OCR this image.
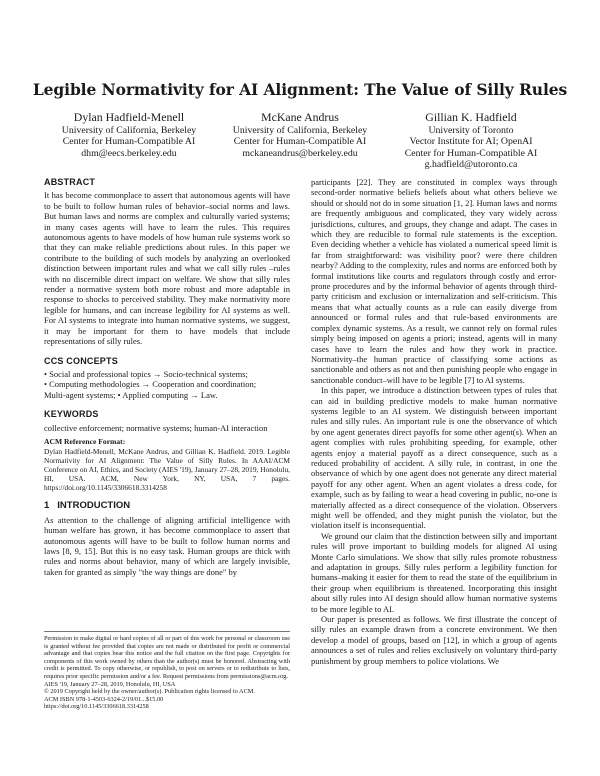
Legible Normativity for AI Alignment: The Value of Silly Rules
Dylan Hadfield-Menell
University of California, Berkeley
Center for Human-Compatible AI
dhm@eecs.berkeley.edu
McKane Andrus
University of California, Berkeley
Center for Human-Compatible AI
mckaneandrus@berkeley.edu
Gillian K. Hadfield
University of Toronto
Vector Institute for AI; OpenAI
Center for Human-Compatible AI
g.hadfield@utoronto.ca
ABSTRACT

It has become commonplace to assert that autonomous agents will have to be built to follow human rules of behavior–social norms and laws. But human laws and norms are complex and culturally varied systems; in many cases agents will have to learn the rules. This requires autonomous agents to have models of how human rule systems work so that they can make reliable predictions about rules. In this paper we contribute to the building of such models by analyzing an overlooked distinction between important rules and what we call silly rules –rules with no discernible direct impact on welfare. We show that silly rules render a normative system both more robust and more adaptable in response to shocks to perceived stability. They make normativity more legible for humans, and can increase legibility for AI systems as well. For AI systems to integrate into human normative systems, we suggest, it may be important for them to have models that include representations of silly rules.

CCS CONCEPTS

• Social and professional topics → Socio-technical systems;

• Computing methodologies → Cooperation and coordination;

Multi-agent systems; • Applied computing → Law.

KEYWORDS

collective enforcement; normative systems; human-AI interaction

ACM Reference Format:

Dylan Hadfield-Menell, McKane Andrus, and Gillian K. Hadfield. 2019. Legible Normativity for AI Alignment: The Value of Silly Rules. In AAAI/ACM Conference on AI, Ethics, and Society (AIES '19), January 27–28, 2019, Honolulu, HI, USA. ACM, New York, NY, USA, 7 pages. https://doi.org/10.1145/3306618.3314258

1 INTRODUCTION

As attention to the challenge of aligning artificial intelligence with human welfare has grown, it has become commonplace to assert that autonomous agents will have to be built to follow human norms and laws [8, 9, 15]. But this is no easy task. Human groups are thick with rules and norms about behavior, many of which are largely invisible, taken for granted as simply "the way things are done" by

Permission to make digital or hard copies of all or part of this work for personal or classroom use is granted without fee provided that copies are not made or distributed for profit or commercial advantage and that copies bear this notice and the full citation on the first page. Copyrights for components of this work owned by others than the author(s) must be honored. Abstracting with credit is permitted. To copy otherwise, or republish, to post on servers or to redistribute to lists, requires prior specific permission and/or a fee. Request permissions from permissions@acm.org.

AIES '19, January 27–28, 2019, Honolulu, HI, USA

© 2019 Copyright held by the owner/author(s). Publication rights licensed to ACM.

ACM ISBN 978-1-4503-6324-2/19/01...$15.00

https://doi.org/10.1145/3306618.3314258

participants [22]. They are constituted in complex ways through second-order normative beliefs beliefs about what others believe we should or should not do in some situation [1, 2]. Human laws and norms are frequently ambiguous and complicated, they vary widely across jurisdictions, cultures, and groups, they change and adapt. The cases in which they are reducible to formal rule statements is the exception. Even deciding whether a vehicle has violated a numerical speed limit is far from straightforward: was visibility poor? were there children nearby? Adding to the complexity, rules and norms are enforced both by formal institutions like courts and regulators through costly and error-prone procedures and by the informal behavior of agents through third-party criticism and exclusion or internalization and self-criticism. This means that what actually counts as a rule can easily diverge from announced or formal rules and that rule-based environments are complex dynamic systems. As a result, we cannot rely on formal rules simply being imposed on agents a priori; instead, agents will in many cases have to learn the rules and how they work in practice. Normativity–the human practice of classifying some actions as sanctionable and others as not and then punishing people who engage in sanctionable conduct–will have to be legible [7] to AI systems.

In this paper, we introduce a distinction between types of rules that can aid in building predictive models to make human normative systems legible to an AI system. We distinguish between important rules and silly rules. An important rule is one the observance of which by one agent generates direct payoffs for some other agent(s). When an agent complies with rules prohibiting speeding, for example, other agents enjoy a material payoff as a direct consequence, such as a reduced probability of accident. A silly rule, in contrast, in one the observance of which by one agent does not generate any direct material payoff for any other agent. When an agent violates a dress code, for example, such as by failing to wear a head covering in public, no-one is materially affected as a direct consequence of the violation. Observers might well be offended, and they might punish the violator, but the violation itself is inconsequential.

We ground our claim that the distinction between silly and important rules will prove important to building models for aligned AI using Monte Carlo simulations. We show that silly rules promote robustness and adaptation in groups. Silly rules perform a legibility function for humans–making it easier for them to read the state of the equilibrium in their group when equilibrium is threatened. Incorporating this insight about silly rules into AI design should allow human normative systems to be more legible to AI.

Our paper is presented as follows. We first illustrate the concept of silly rules an example drawn from a concrete environment. We then develop a model of groups, based on [12], in which a group of agents announces a set of rules and relies exclusively on voluntary third-party punishment by group members to police violations. We
